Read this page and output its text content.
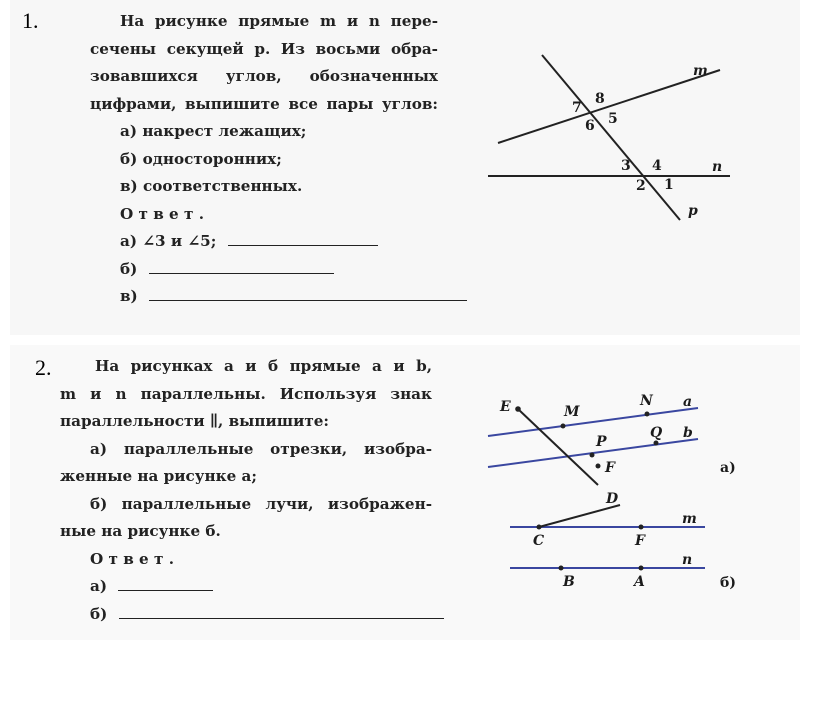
1.	На рисунке прямые m и n пере-
сечены секущей p. Из восьми обра-
зовавшихся углов, обозначенных
цифрами, выпишите все пары углов:
а) накрест лежащих;
б) односторонних;
в) соответственных.
О т в е т .
а) ∠3 и ∠5;
б)
в)
m
n
p
1
2
3 4
5
6
7
8
2.	На рисунках а и б прямые a и b,
m и n параллельны. Используя знак
параллельности ∥, выпишите:
а) параллельные отрезки, изобра-
женные на рисунке а;
б) параллельные лучи, изображен-
ные на рисунке б.
О т в е т .
а)
б)
E	M
N
P
Q
F
a
b
а)
D
C	F
B	A
m
n
б)
